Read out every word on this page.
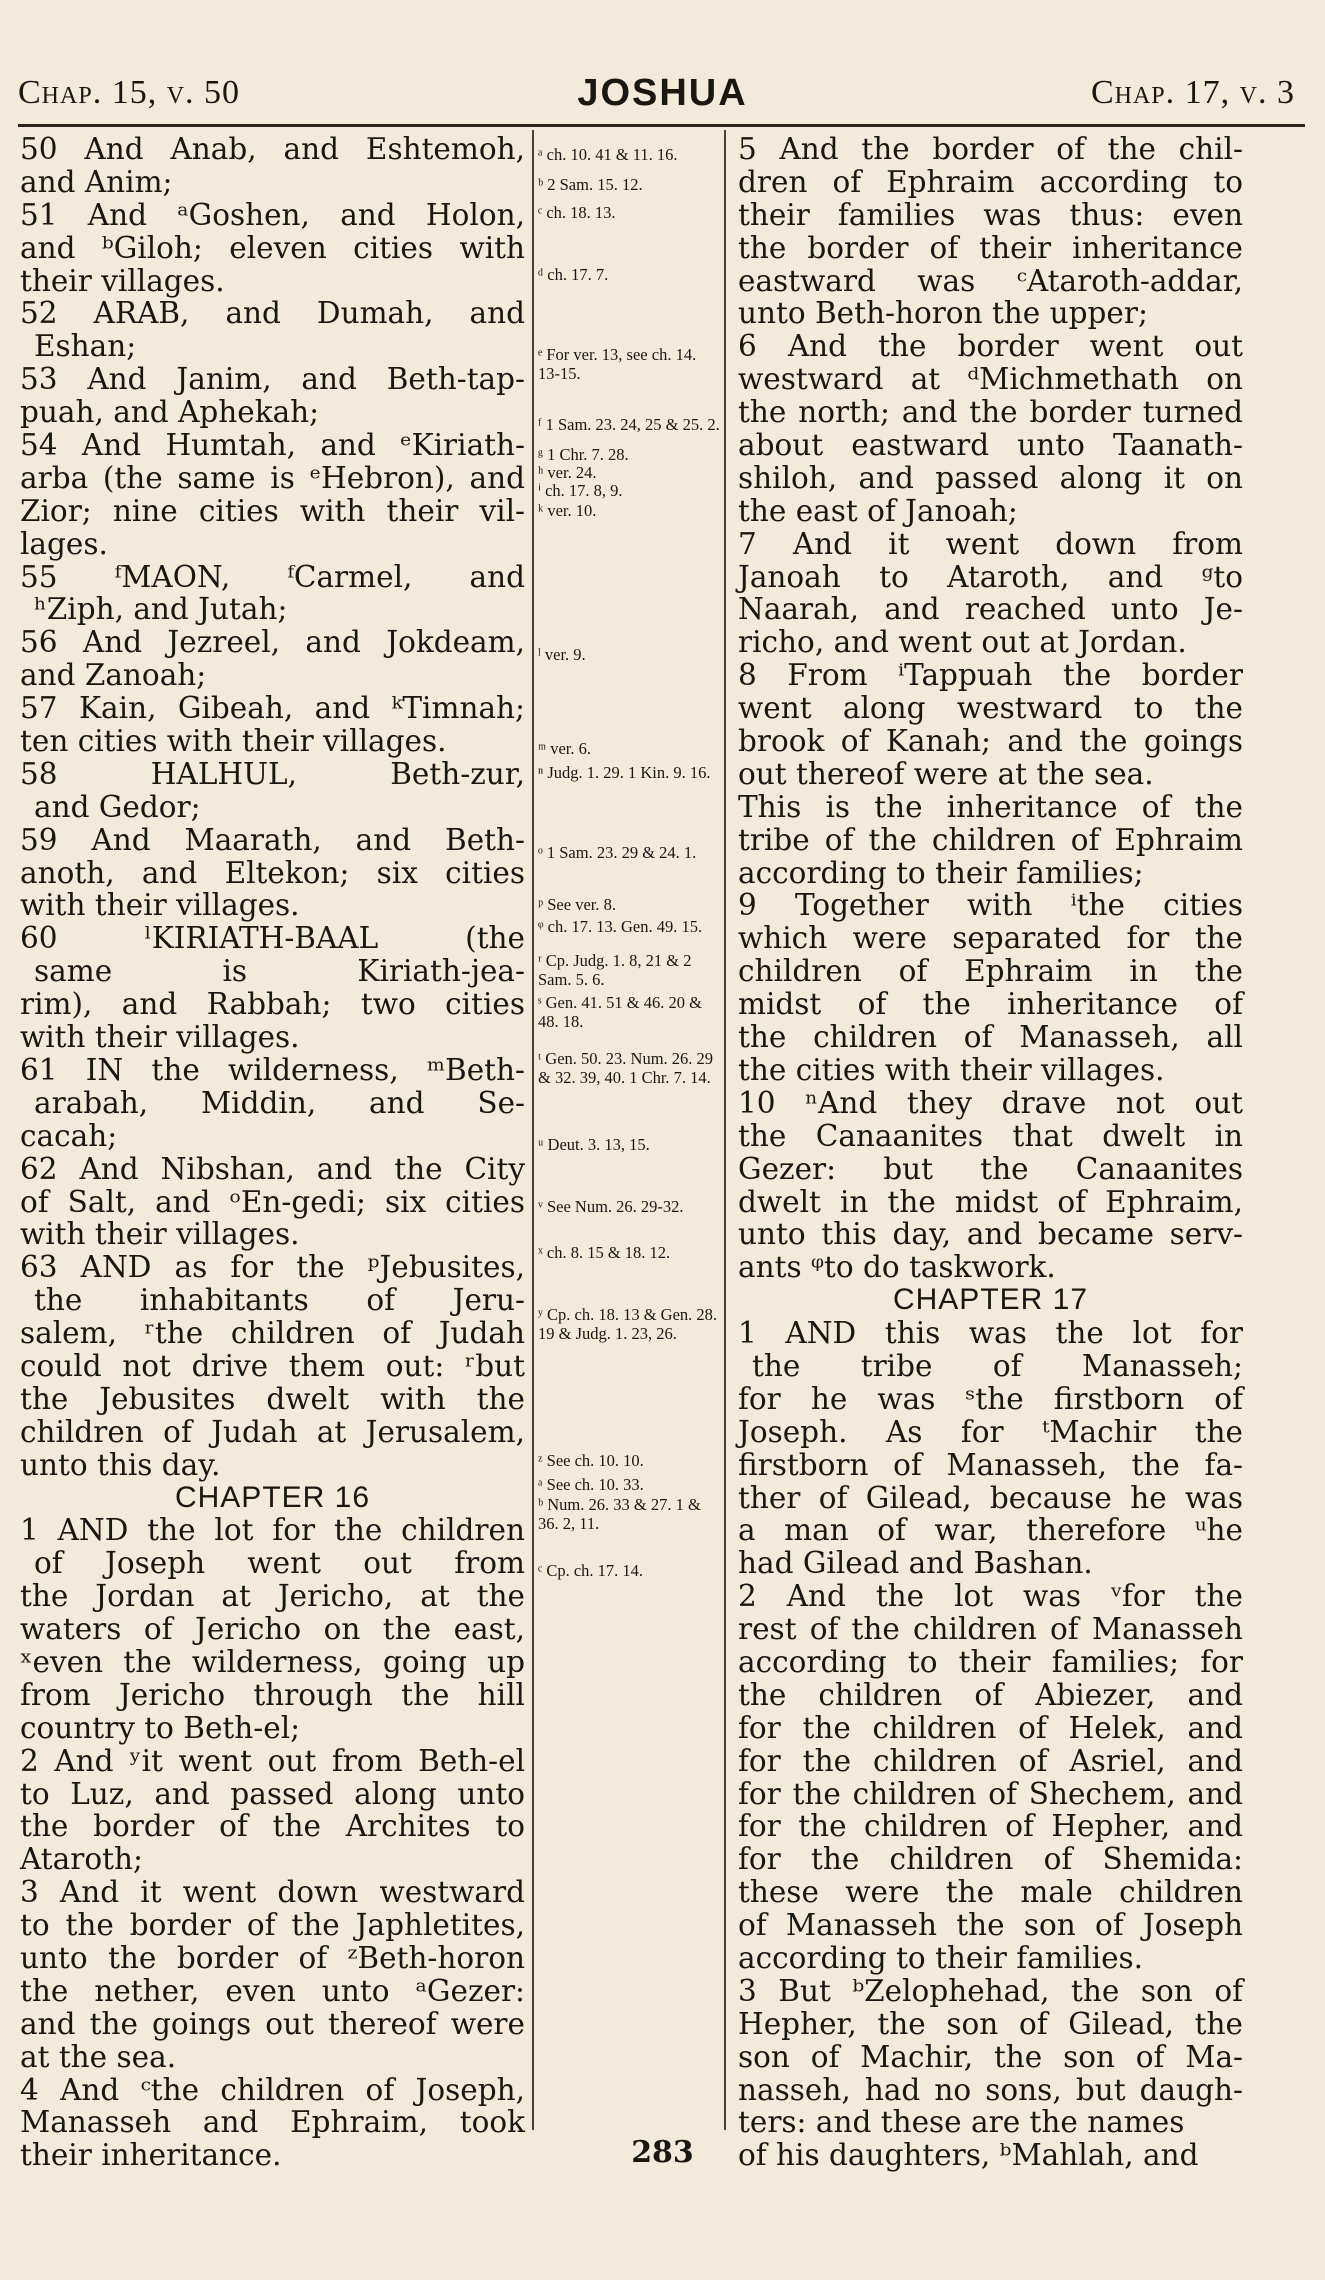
Chap. 15, v. 50	JOSHUA	Chap. 17, v. 3
50 And Anab, and Eshtemoh,
and Anim;
51 And ᵃGoshen, and Holon,
and ᵇGiloh; eleven cities with
their villages.
52 ARAB, and Dumah, and
Eshan;
53 And Janim, and Beth-tap-
puah, and Aphekah;
54 And Humtah, and ᵉKiriath-
arba (the same is ᵉHebron), and
Zior; nine cities with their vil-
lages.
55 ᶠMAON, ᶠCarmel, and
ʰZiph, and Jutah;
56 And Jezreel, and Jokdeam,
and Zanoah;
57 Kain, Gibeah, and ᵏTimnah;
ten cities with their villages.
58 HALHUL, Beth-zur,
and Gedor;
59 And Maarath, and Beth-
anoth, and Eltekon; six cities
with their villages.
60 ˡKIRIATH-BAAL (the
same is Kiriath-jea-
rim), and Rabbah; two cities
with their villages.
61 IN the wilderness, ᵐBeth-
arabah, Middin, and Se-
cacah;
62 And Nibshan, and the City
of Salt, and ᵒEn-gedi; six cities
with their villages.
63 AND as for the ᵖJebusites,
the inhabitants of Jeru-
salem, ʳthe children of Judah
could not drive them out: ʳbut
the Jebusites dwelt with the
children of Judah at Jerusalem,
unto this day.
CHAPTER 16
1 AND the lot for the children
of Joseph went out from
the Jordan at Jericho, at the
waters of Jericho on the east,
ˣeven the wilderness, going up
from Jericho through the hill
country to Beth-el;
2 And ʸit went out from Beth-el
to Luz, and passed along unto
the border of the Archites to
Ataroth;
3 And it went down westward
to the border of the Japhletites,
unto the border of ᶻBeth-horon
the nether, even unto ᵃGezer:
and the goings out thereof were
at the sea.
4 And ᶜthe children of Joseph,
Manasseh and Ephraim, took
their inheritance.
ᵃ ch. 10. 41 & 11. 16.
ᵇ 2 Sam. 15. 12.
ᶜ ch. 18. 13.
ᵈ ch. 17. 7.
ᵉ For ver. 13, see ch. 14. 13-15.
ᶠ 1 Sam. 23. 24, 25 & 25. 2.
ᵍ 1 Chr. 7. 28.
ʰ ver. 24.
ⁱ ch. 17. 8, 9.
ᵏ ver. 10.
ˡ ver. 9.
ᵐ ver. 6.
ⁿ Judg. 1. 29. 1 Kin. 9. 16.
ᵒ 1 Sam. 23. 29 & 24. 1.
ᵖ See ver. 8.
ᵠ ch. 17. 13. Gen. 49. 15.
ʳ Cp. Judg. 1. 8, 21 & 2 Sam. 5. 6.
ˢ Gen. 41. 51 & 46. 20 & 48. 18.
ᵗ Gen. 50. 23. Num. 26. 29 & 32. 39, 40. 1 Chr. 7. 14.
ᵘ Deut. 3. 13, 15.
ᵛ See Num. 26. 29-32.
ˣ ch. 8. 15 & 18. 12.
ʸ Cp. ch. 18. 13 & Gen. 28. 19 & Judg. 1. 23, 26.
ᶻ See ch. 10. 10.
ᵃ See ch. 10. 33.
ᵇ Num. 26. 33 & 27. 1 & 36. 2, 11.
ᶜ Cp. ch. 17. 14.
5 And the border of the chil-
dren of Ephraim according to
their families was thus: even
the border of their inheritance
eastward was ᶜAtaroth-addar,
unto Beth-horon the upper;
6 And the border went out
westward at ᵈMichmethath on
the north; and the border turned
about eastward unto Taanath-
shiloh, and passed along it on
the east of Janoah;
7 And it went down from
Janoah to Ataroth, and ᵍto
Naarah, and reached unto Je-
richo, and went out at Jordan.
8 From ⁱTappuah the border
went along westward to the
brook of Kanah; and the goings
out thereof were at the sea.
This is the inheritance of the
tribe of the children of Ephraim
according to their families;
9 Together with ⁱthe cities
which were separated for the
children of Ephraim in the
midst of the inheritance of
the children of Manasseh, all
the cities with their villages.
10 ⁿAnd they drave not out
the Canaanites that dwelt in
Gezer: but the Canaanites
dwelt in the midst of Ephraim,
unto this day, and became serv-
ants ᵠto do taskwork.
CHAPTER 17
1 AND this was the lot for
the tribe of Manasseh;
for he was ˢthe firstborn of
Joseph. As for ᵗMachir the
firstborn of Manasseh, the fa-
ther of Gilead, because he was
a man of war, therefore ᵘhe
had Gilead and Bashan.
2 And the lot was ᵛfor the
rest of the children of Manasseh
according to their families; for
the children of Abiezer, and
for the children of Helek, and
for the children of Asriel, and
for the children of Shechem, and
for the children of Hepher, and
for the children of Shemida:
these were the male children
of Manasseh the son of Joseph
according to their families.
3 But ᵇZelophehad, the son of
Hepher, the son of Gilead, the
son of Machir, the son of Ma-
nasseh, had no sons, but daugh-
ters: and these are the names
of his daughters, ᵇMahlah, and
283
